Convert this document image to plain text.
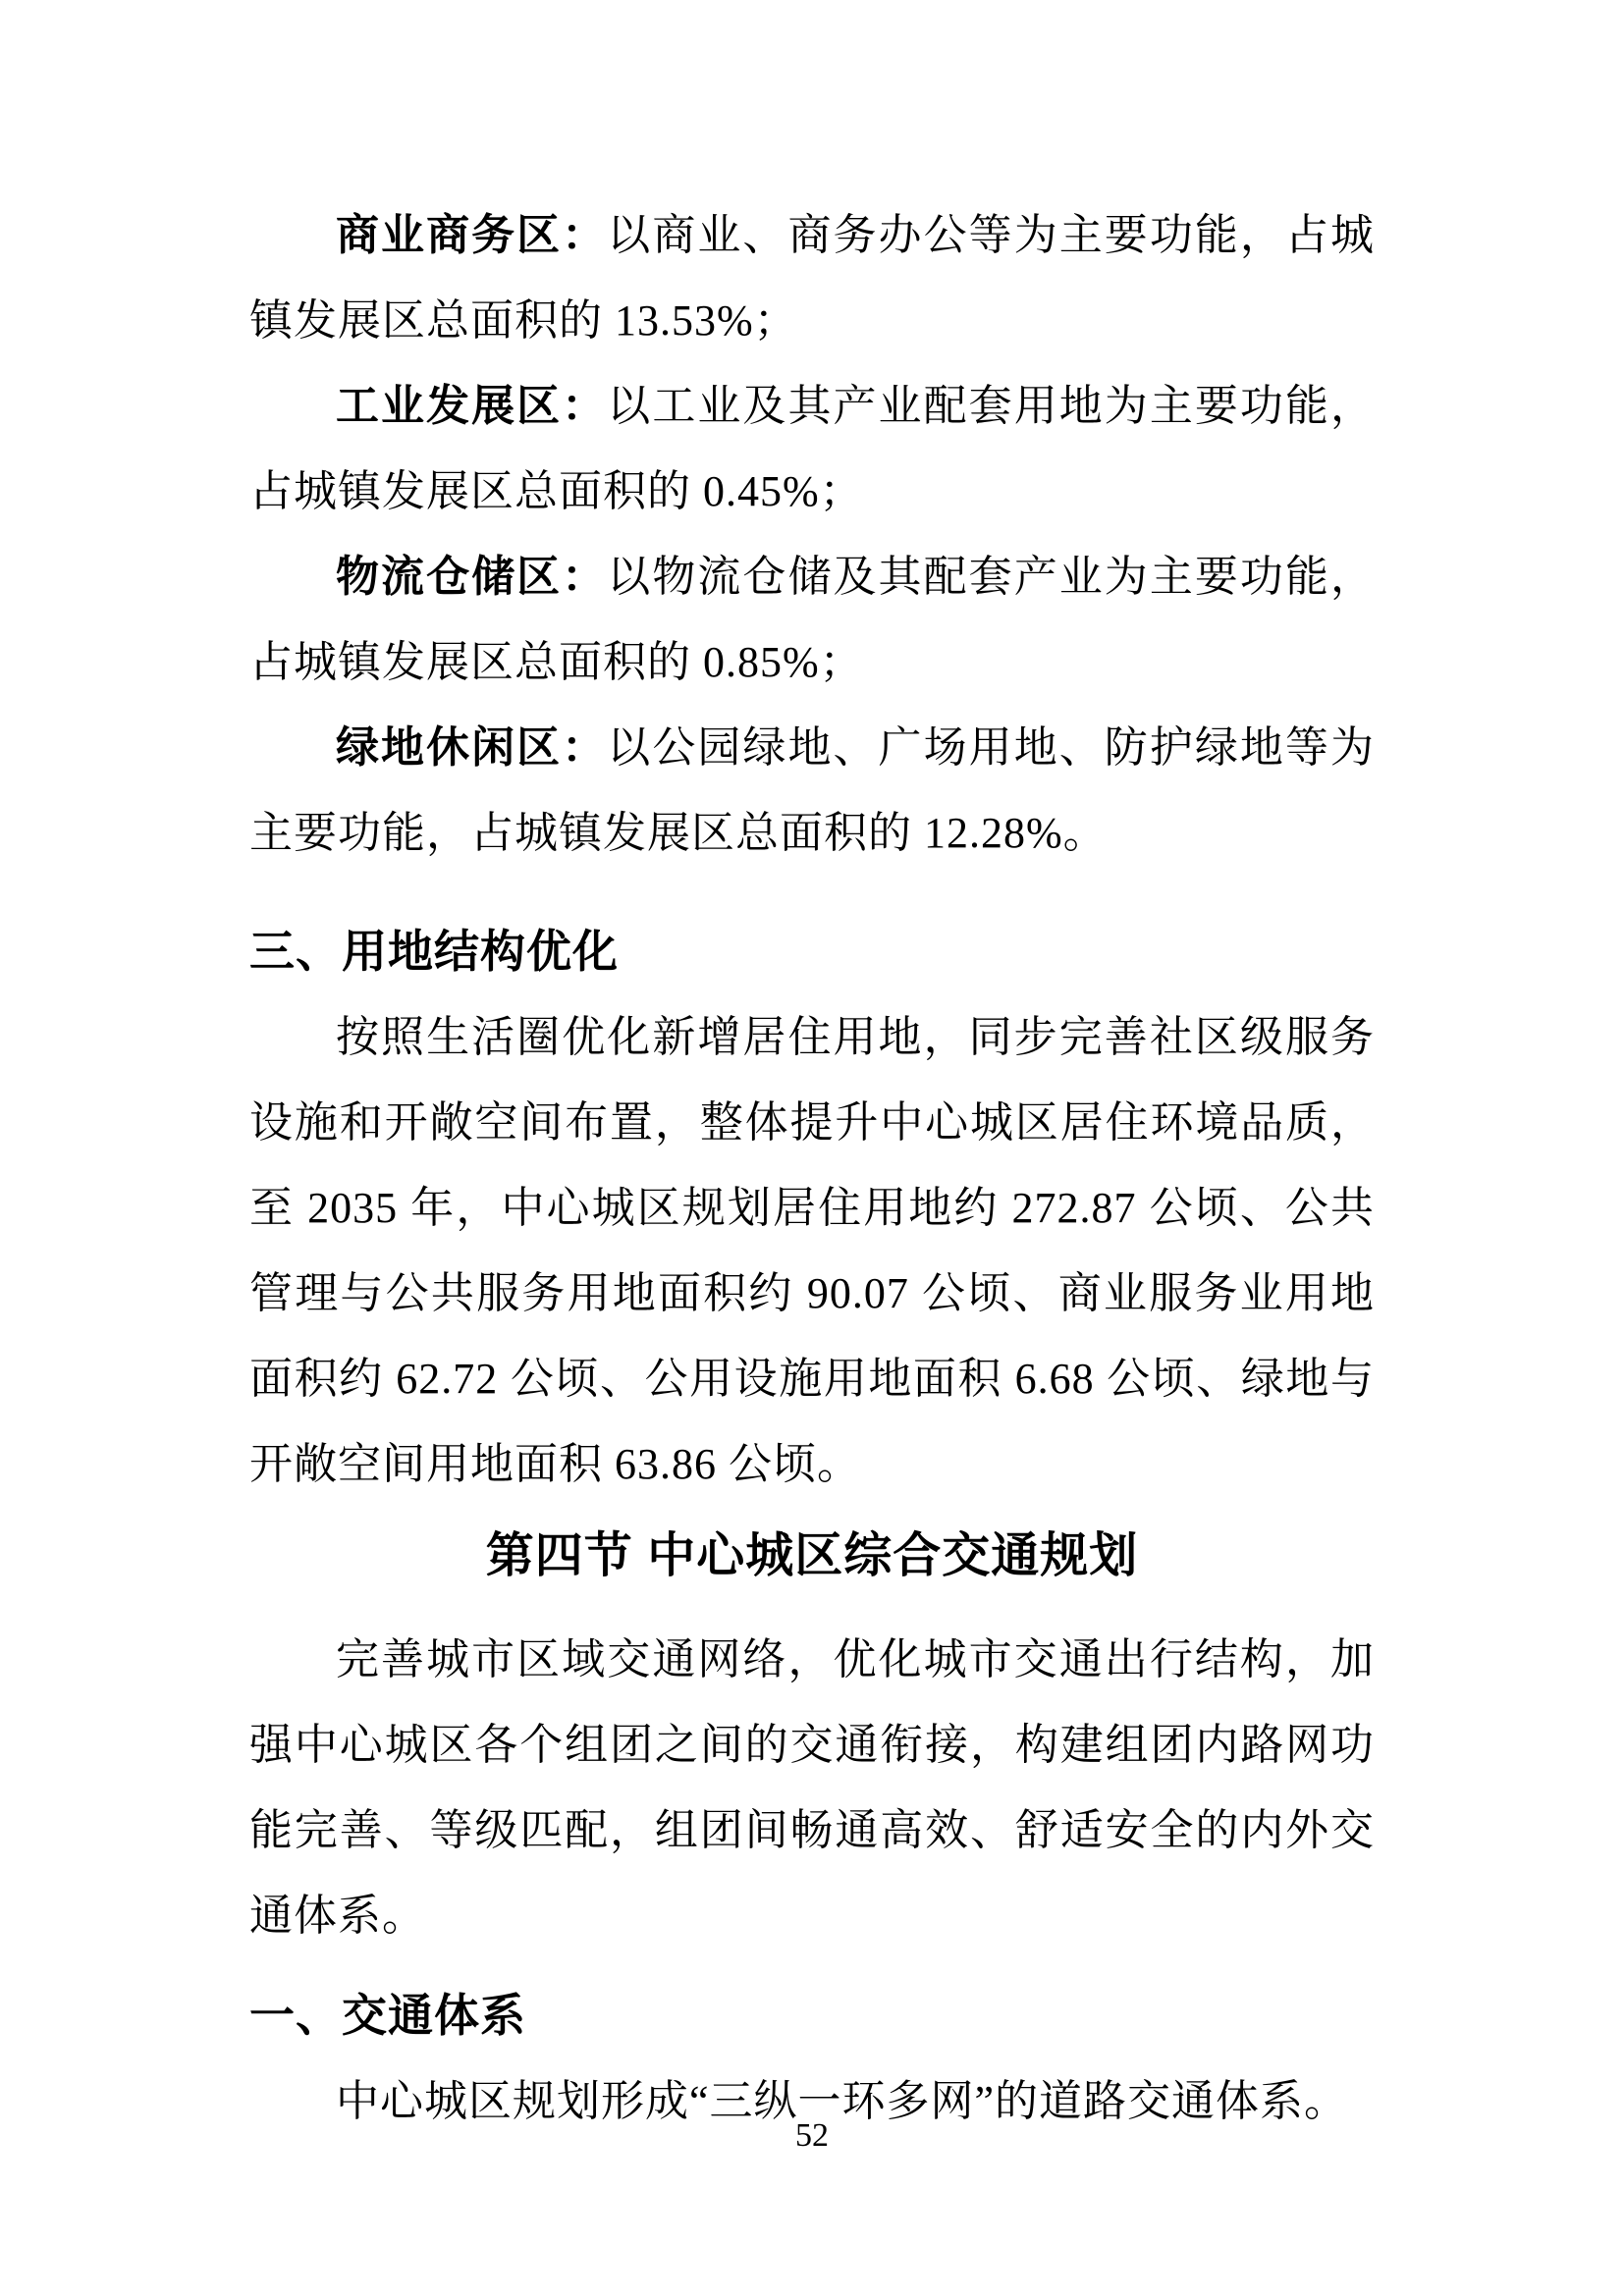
商业商务区：以商业、商务办公等为主要功能，占城镇发展区总面积的 13.53%；

工业发展区：以工业及其产业配套用地为主要功能，占城镇发展区总面积的 0.45%；

物流仓储区：以物流仓储及其配套产业为主要功能，占城镇发展区总面积的 0.85%；

绿地休闲区：以公园绿地、广场用地、防护绿地等为主要功能，占城镇发展区总面积的 12.28%。

三、用地结构优化

按照生活圈优化新增居住用地，同步完善社区级服务设施和开敞空间布置，整体提升中心城区居住环境品质，至 2035 年，中心城区规划居住用地约 272.87 公顷、公共管理与公共服务用地面积约 90.07 公顷、商业服务业用地面积约 62.72 公顷、公用设施用地面积 6.68 公顷、绿地与开敞空间用地面积 63.86 公顷。

第四节 中心城区综合交通规划

完善城市区域交通网络，优化城市交通出行结构，加强中心城区各个组团之间的交通衔接，构建组团内路网功能完善、等级匹配，组团间畅通高效、舒适安全的内外交通体系。

一、交通体系

中心城区规划形成“三纵一环多网”的道路交通体系。

52
